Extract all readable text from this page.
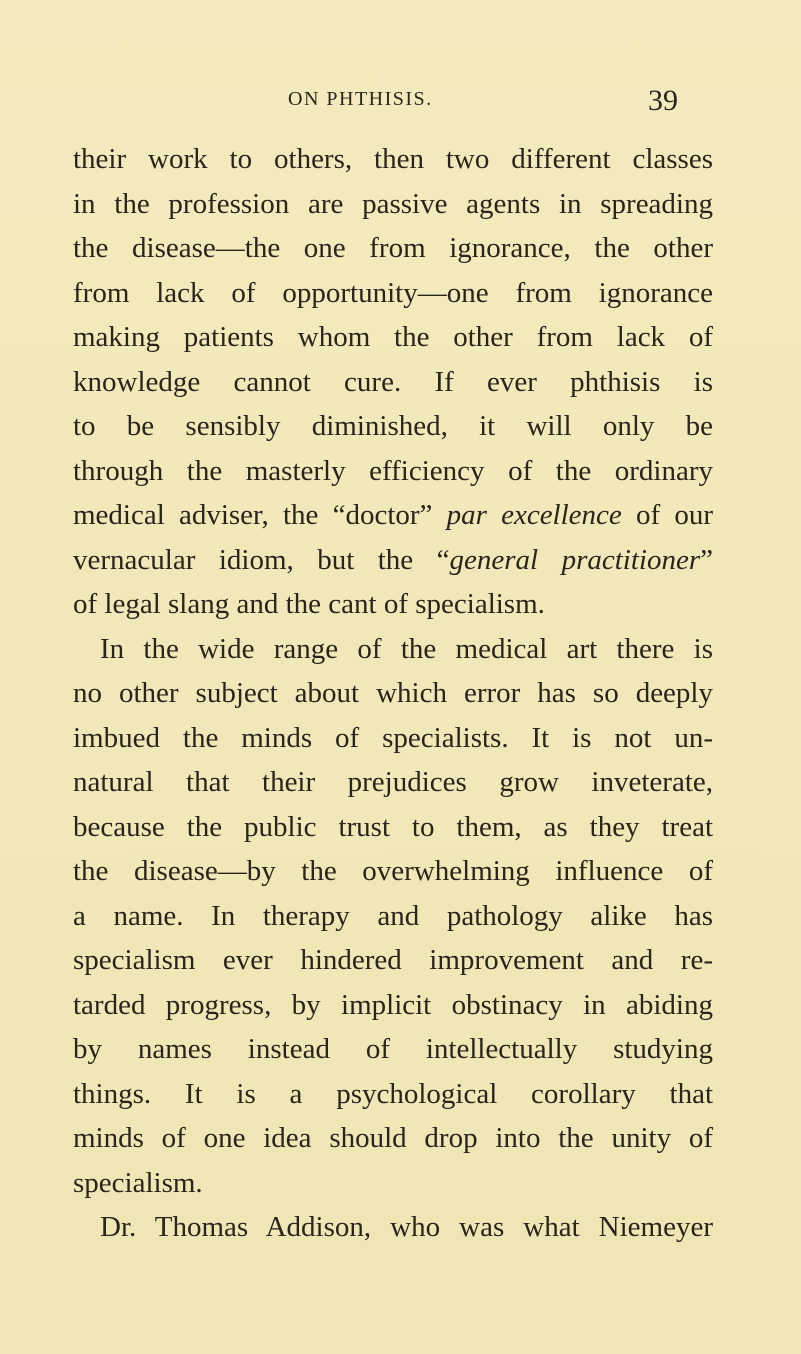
ON PHTHISIS.	39
their work to others, then two different classes
in the profession are passive agents in spreading
the disease—the one from ignorance, the other
from lack of opportunity—one from ignorance
making patients whom the other from lack of
knowledge cannot cure. If ever phthisis is
to be sensibly diminished, it will only be
through the masterly efficiency of the ordinary
medical adviser, the “doctor” par excellence of our
vernacular idiom, but the “general practitioner”
of legal slang and the cant of specialism.
In the wide range of the medical art there is
no other subject about which error has so deeply
imbued the minds of specialists. It is not un-
natural that their prejudices grow inveterate,
because the public trust to them, as they treat
the disease—by the overwhelming influence of
a name. In therapy and pathology alike has
specialism ever hindered improvement and re-
tarded progress, by implicit obstinacy in abiding
by names instead of intellectually studying
things. It is a psychological corollary that
minds of one idea should drop into the unity of
specialism.
Dr. Thomas Addison, who was what Niemeyer
